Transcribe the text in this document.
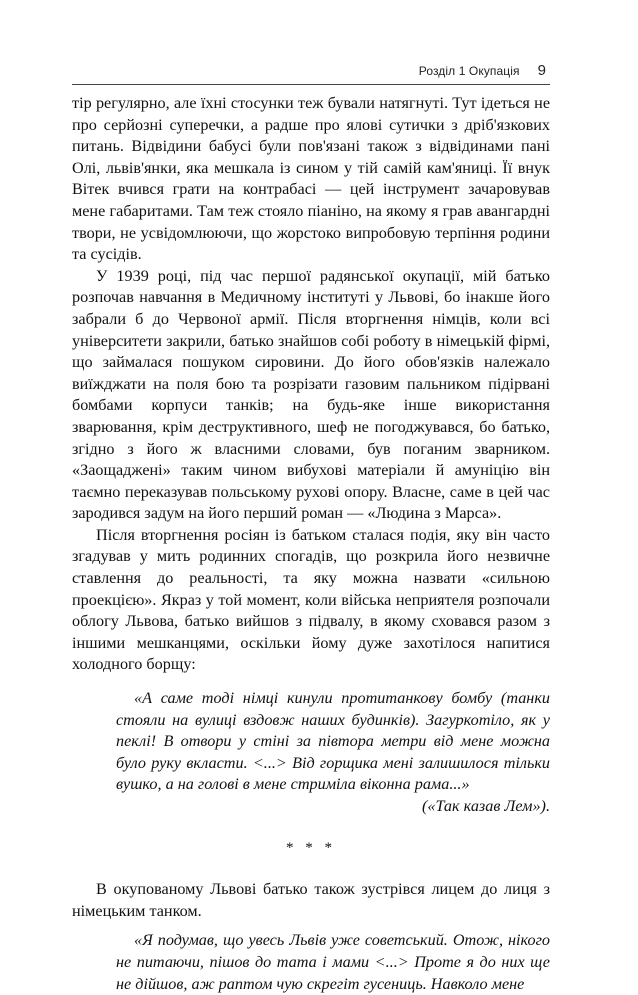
Розділ 1 Окупація 9

тір регулярно, але їхні стосунки теж бували натягнуті. Тут ідеться не про серйозні суперечки, а радше про ялові сутички з дріб'язкових питань. Відвідини бабусі були пов'язані також з відвідинами пані Олі, львів'янки, яка мешкала із сином у тій самій кам'яниці. Її внук Вітек вчився грати на контрабасі — цей інструмент зачаровував мене габаритами. Там теж стояло піаніно, на якому я грав авангардні твори, не усвідомлюючи, що жорстоко випробовую терпіння родини та сусідів.

У 1939 році, під час першої радянської окупації, мій батько розпочав навчання в Медичному інституті у Львові, бо інакше його забрали б до Червоної армії. Після вторгнення німців, коли всі університети закрили, батько знайшов собі роботу в німецькій фірмі, що займалася пошуком сировини. До його обов'язків належало виїжджати на поля бою та розрізати газовим пальником підірвані бомбами корпуси танків; на будь-яке інше використання зварювання, крім деструктивного, шеф не погоджувався, бо батько, згідно з його ж власними словами, був поганим зварником. «Заощаджені» таким чином вибухові матеріали й амуніцію він таємно переказував польському рухові опору. Власне, саме в цей час зародився задум на його перший роман — «Людина з Марса».

Після вторгнення росіян із батьком сталася подія, яку він часто згадував у мить родинних спогадів, що розкрила його незвичне ставлення до реальності, та яку можна назвати «сильною проекцією». Якраз у той момент, коли війська неприятеля розпочали облогу Львова, батько вийшов з підвалу, в якому сховався разом з іншими мешканцями, оскільки йому дуже захотілося напитися холодного борщу:

«А саме тоді німці кинули протитанкову бомбу (танки стояли на вулиці вздовж наших будинків). Загуркотіло, як у пеклі! В отвори у стіні за півтора метри від мене можна було руку вкласти. <...> Від горщика мені залишилося тільки вушко, а на голові в мене стриміла віконна рама...»
(«Так казав Лем»).
* * *

В окупованому Львові батько також зустрівся лицем до лиця з німецьким танком.

«Я подумав, що увесь Львів уже советський. Отож, нікого не питаючи, пішов до тата і мами <...> Проте я до них ще не дійшов, аж раптом чую скрегіт гусениць. Навколо мене
